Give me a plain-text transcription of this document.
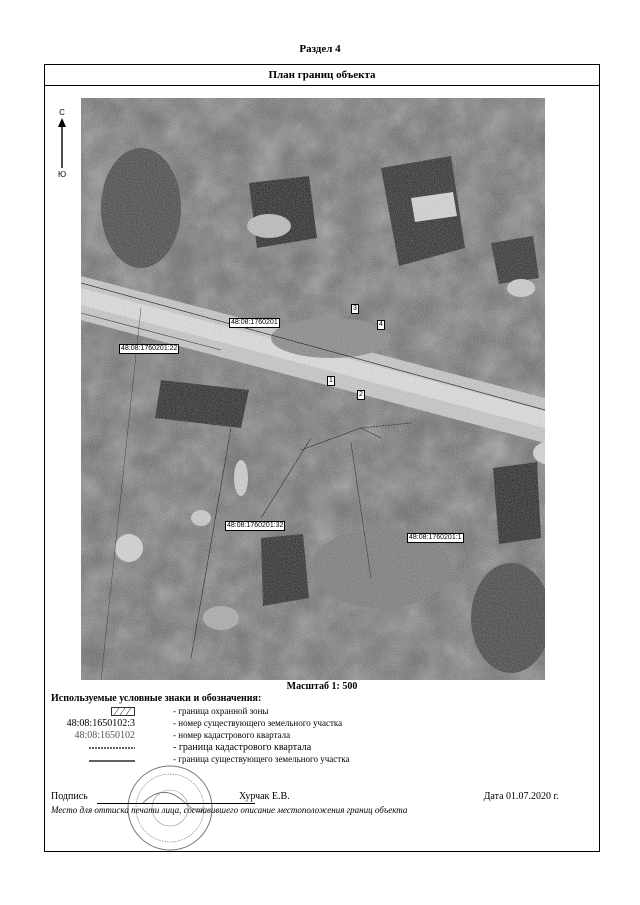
Раздел 4
План границ объекта
С
Ю
48:08:1760201
48:08:1760201:22
48:08:1760201:32
48:08:1760201:1
1
2
3
4
Масштаб 1: 500
Используемые условные знаки и обозначения:
- граница охранной зоны
48:08:1650102:3	- номер существующего земельного участка
48:08:1650102	- номер кадастрового квартала
- граница кадастрового квартала
- граница существующего земельного участка
Подпись	Хурчак Е.В.	Дата 01.07.2020 г.
Место для оттиска печати лица, составившего описание местоположения границ объекта
